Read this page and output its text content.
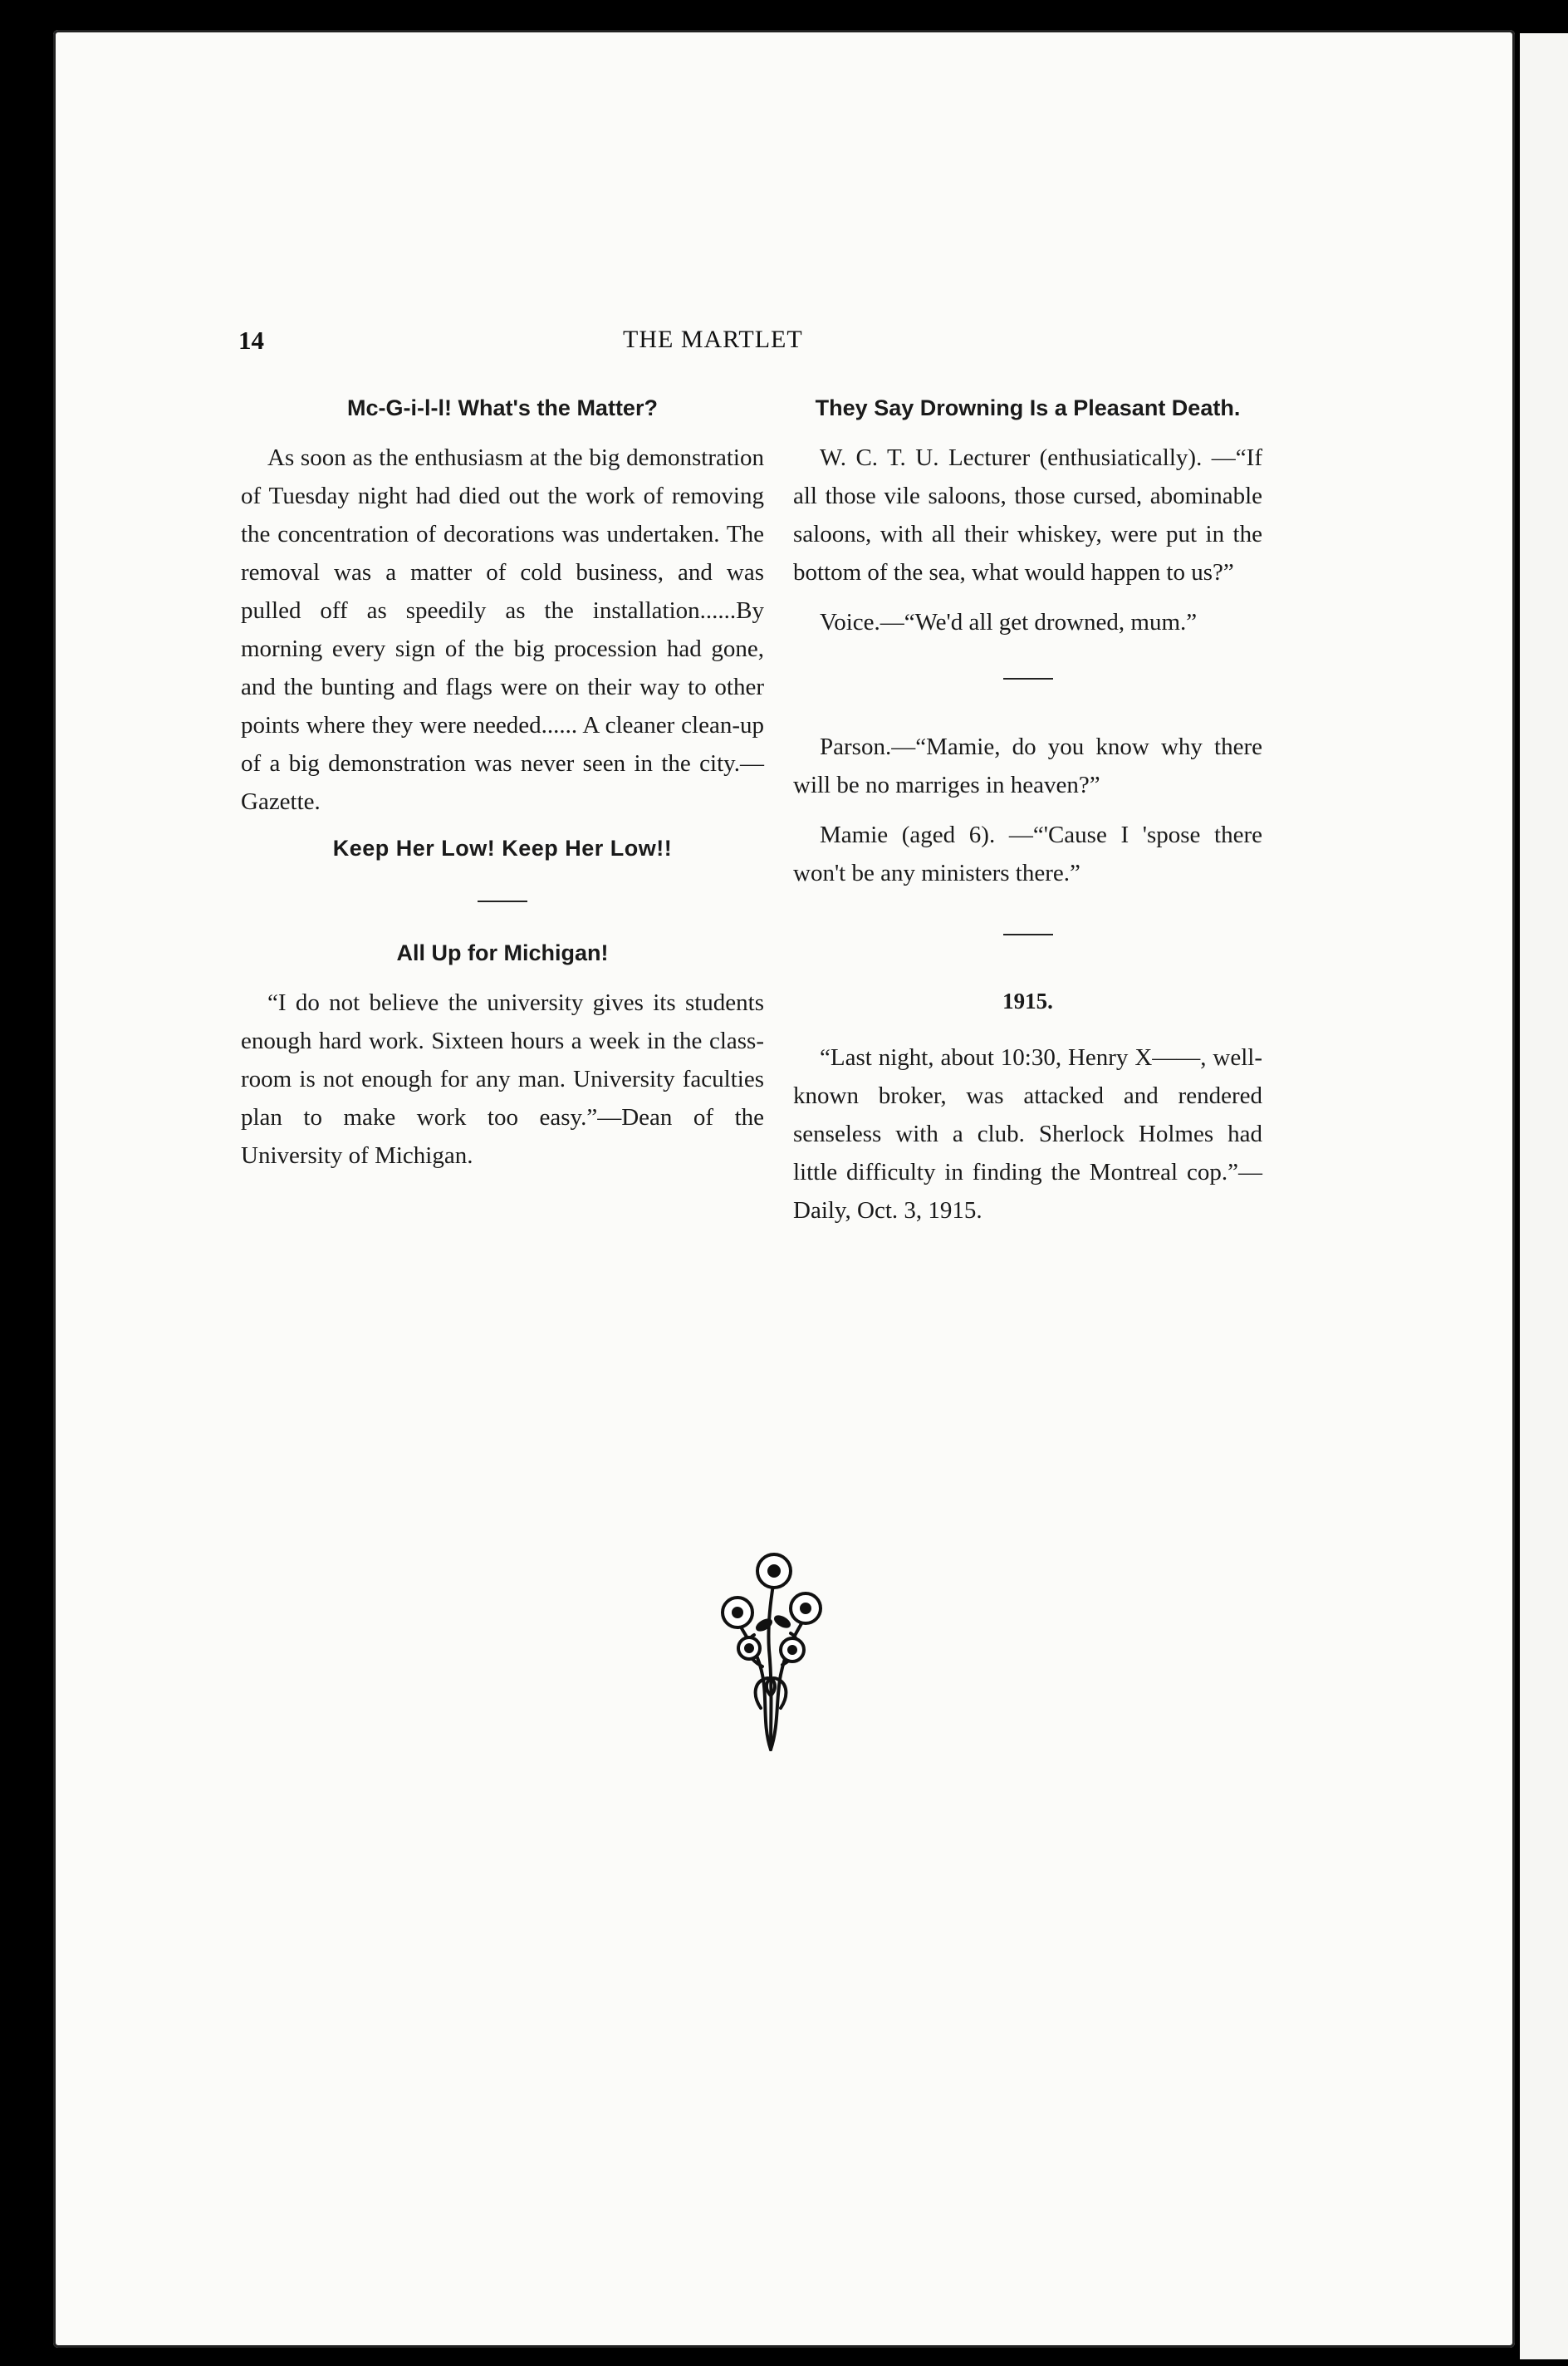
14	THE MARTLET
Mc-G-i-l-l! What's the Matter?

As soon as the enthusiasm at the big demonstration of Tuesday night had died out the work of removing the concentration of decorations was undertaken. The removal was a matter of cold business, and was pulled off as speedily as the installation......By morning every sign of the big procession had gone, and the bunting and flags were on their way to other points where they were needed...... A cleaner clean-up of a big demonstration was never seen in the city.—Gazette.

Keep Her Low! Keep Her Low!!
All Up for Michigan!

“I do not believe the university gives its students enough hard work. Sixteen hours a week in the class-room is not enough for any man. University faculties plan to make work too easy.”—Dean of the University of Michigan.

They Say Drowning Is a Pleasant Death.

W. C. T. U. Lecturer (enthusiatically). —“If all those vile saloons, those cursed, abominable saloons, with all their whiskey, were put in the bottom of the sea, what would happen to us?”

Voice.—“We'd all get drowned, mum.”

Parson.—“Mamie, do you know why there will be no marriges in heaven?”

Mamie (aged 6). —“'Cause I 'spose there won't be any ministers there.”

1915.

“Last night, about 10:30, Henry X——, well-known broker, was attacked and rendered senseless with a club. Sherlock Holmes had little difficulty in finding the Montreal cop.”—Daily, Oct. 3, 1915.
